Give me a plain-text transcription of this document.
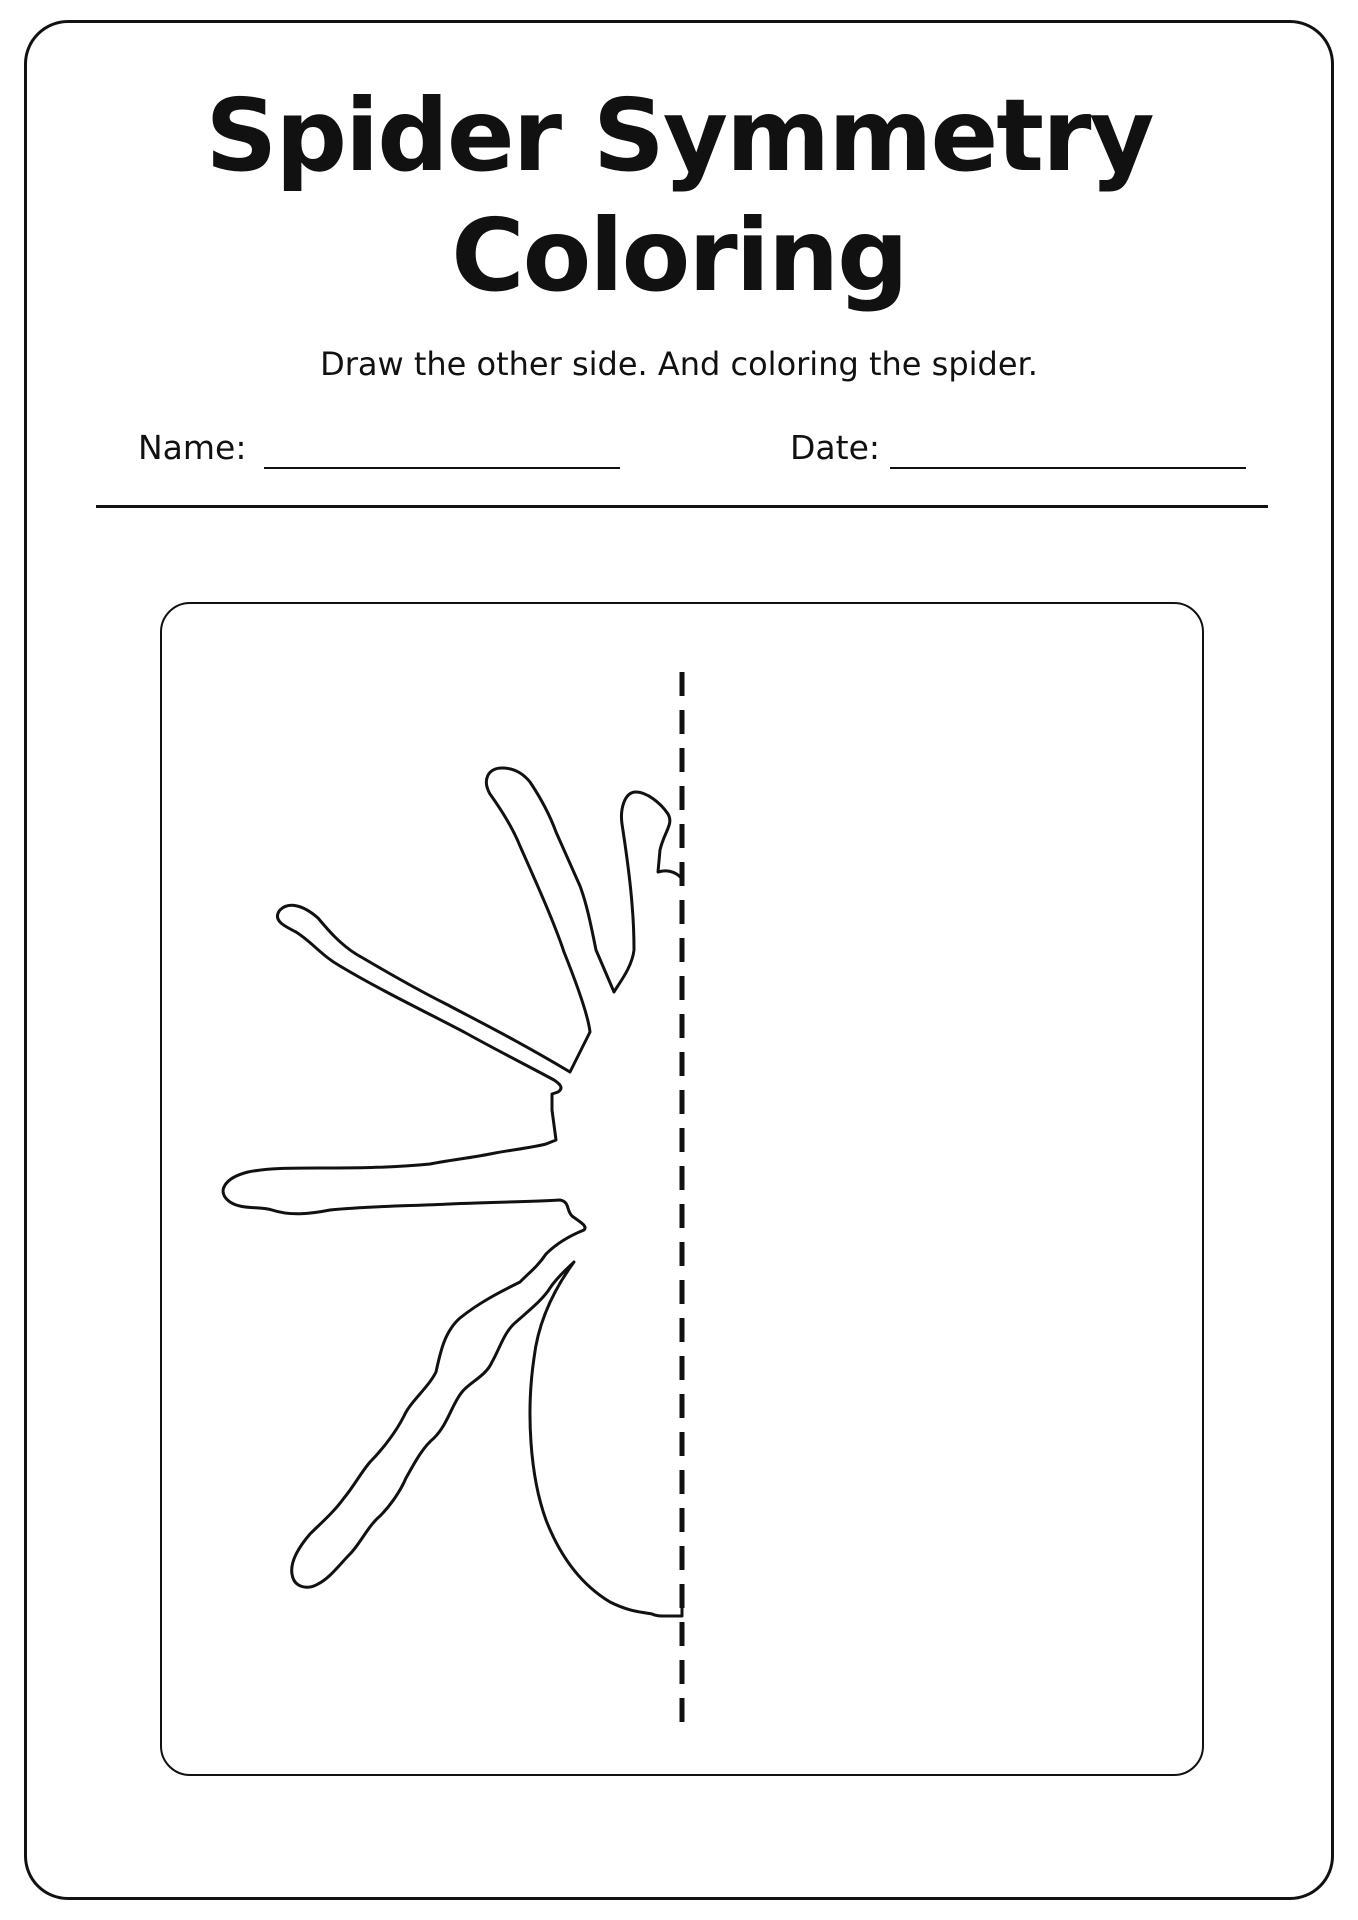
Spider Symmetry
Coloring
Draw the other side. And coloring the spider.
Name:	Date:
